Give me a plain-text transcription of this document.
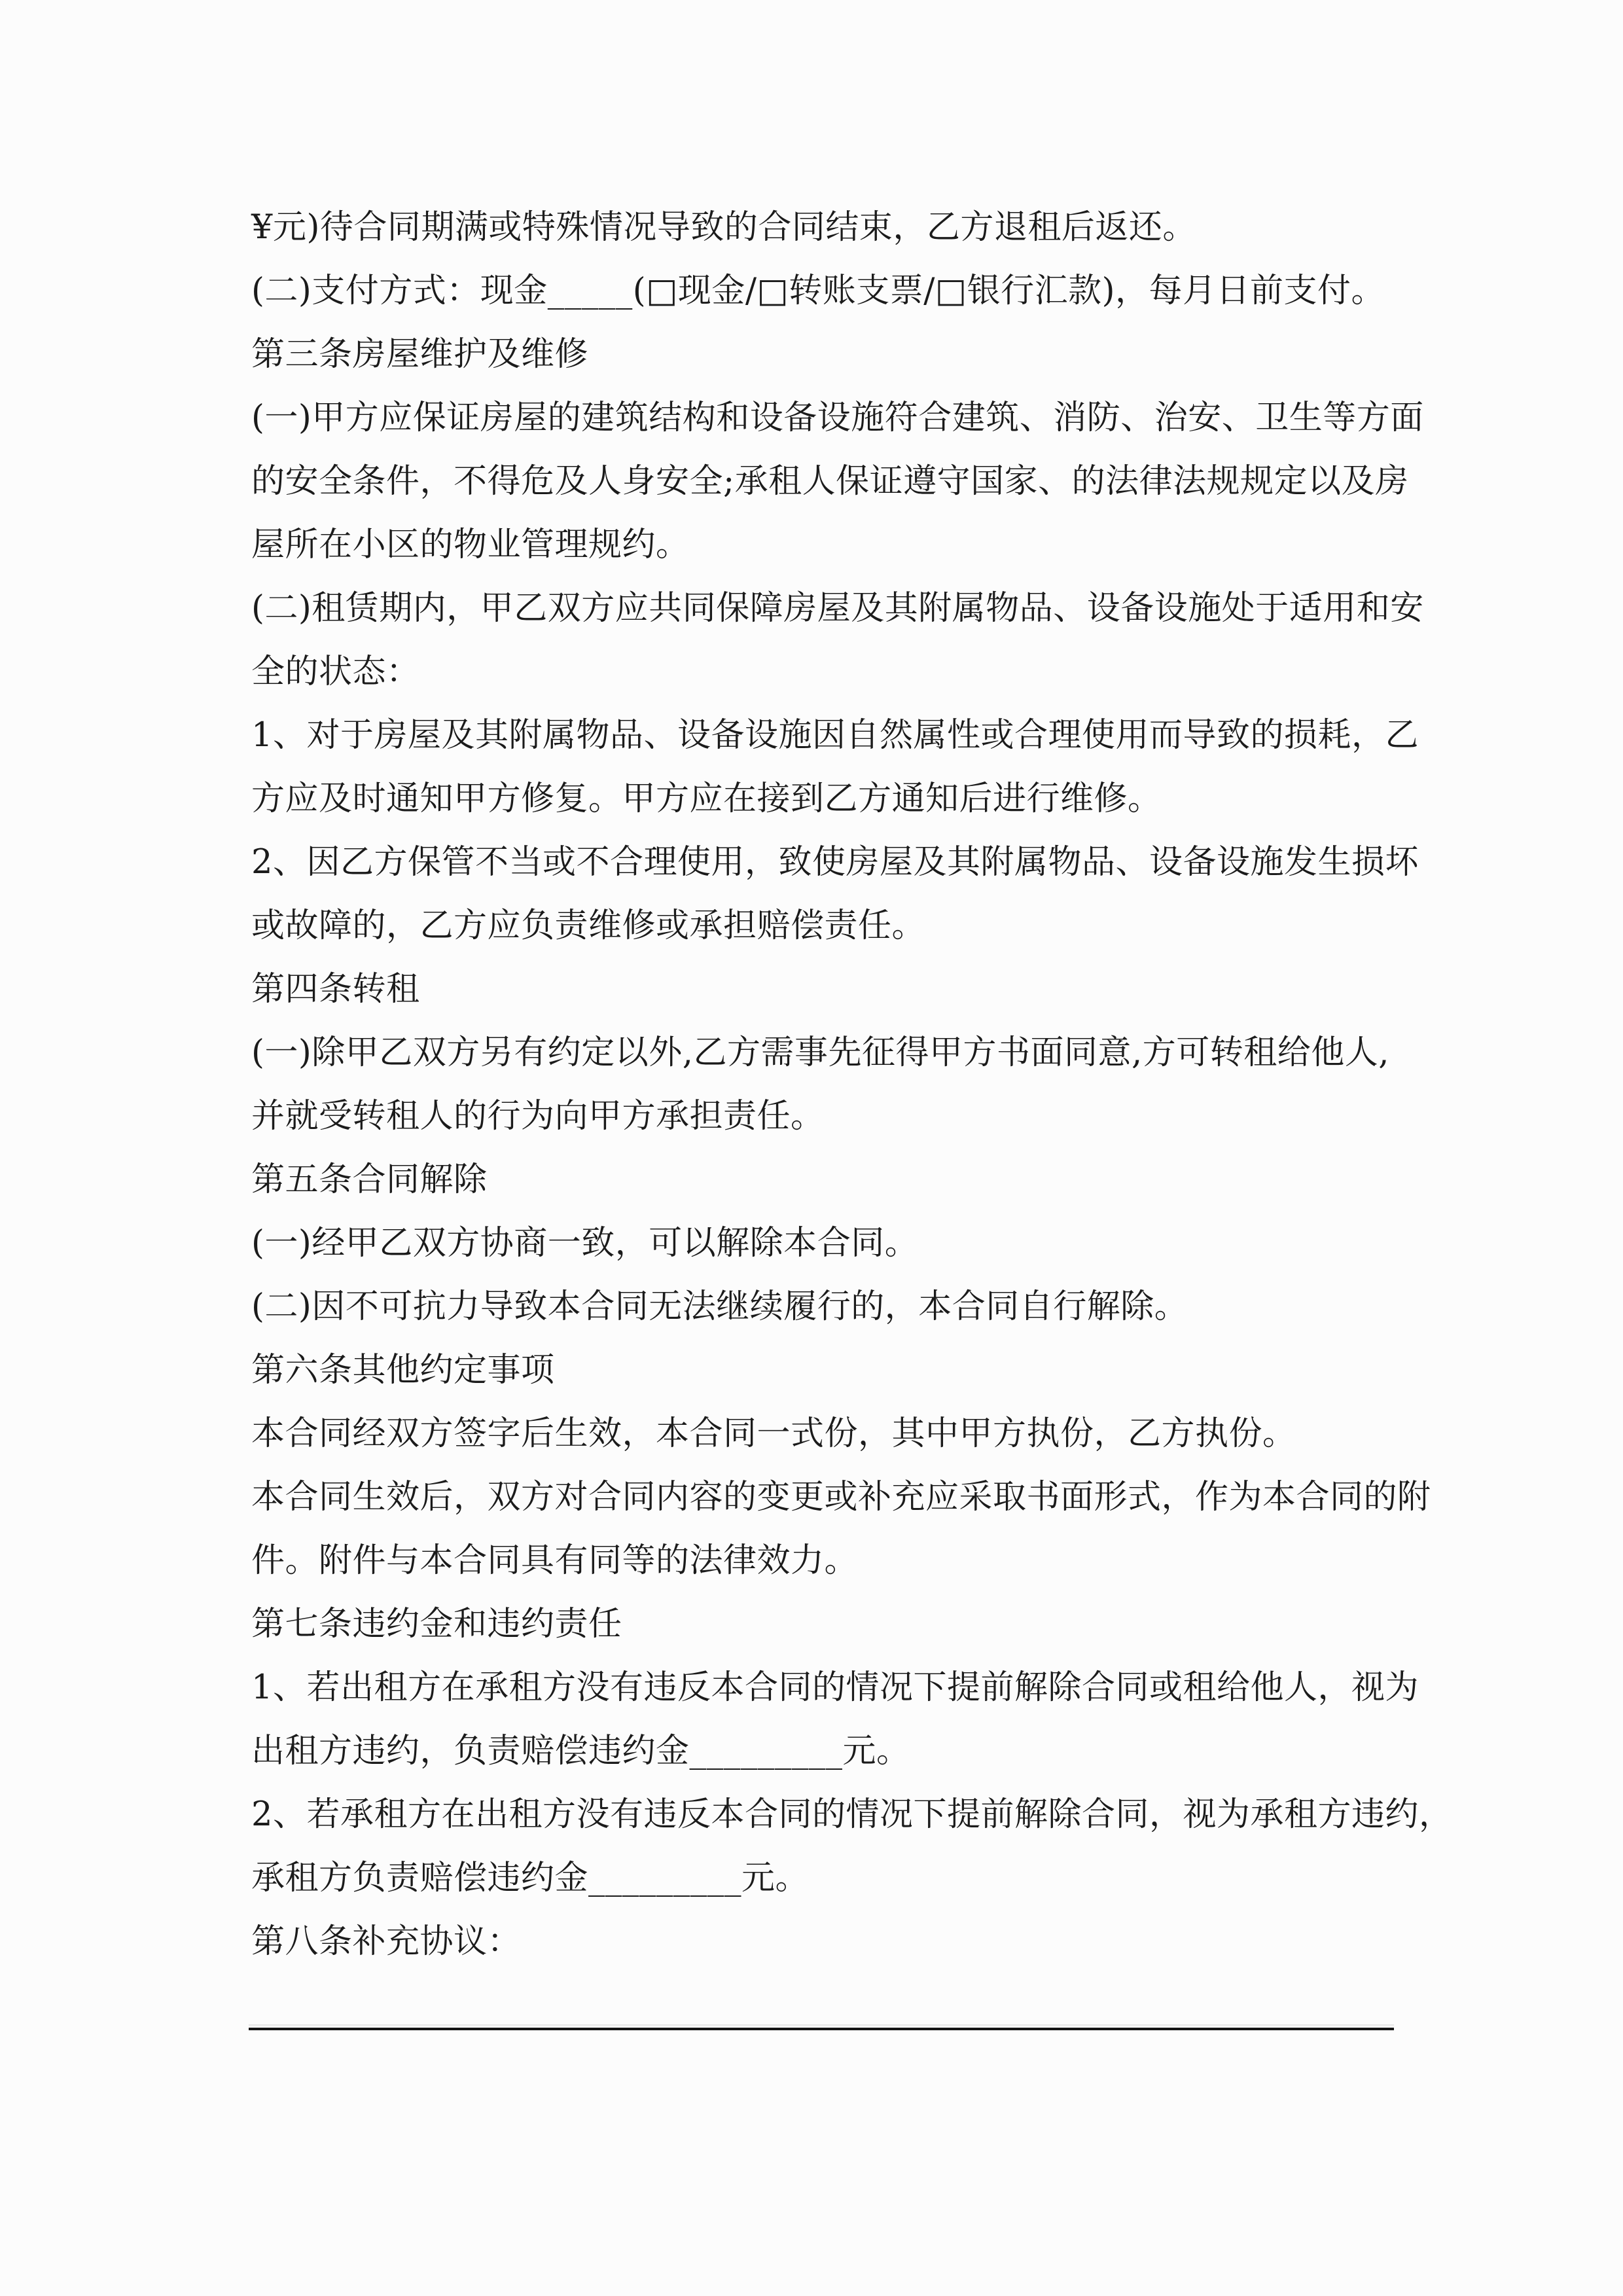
¥元)待合同期满或特殊情况导致的合同结束，乙方退租后返还。

(二)支付方式：现金_____(□现金/□转账支票/□银行汇款)，每月日前支付。

第三条房屋维护及维修

(一)甲方应保证房屋的建筑结构和设备设施符合建筑、消防、治安、卫生等方面

的安全条件，不得危及人身安全;承租人保证遵守国家、的法律法规规定以及房

屋所在小区的物业管理规约。

(二)租赁期内，甲乙双方应共同保障房屋及其附属物品、设备设施处于适用和安

全的状态：

1、对于房屋及其附属物品、设备设施因自然属性或合理使用而导致的损耗，乙

方应及时通知甲方修复。甲方应在接到乙方通知后进行维修。

2、因乙方保管不当或不合理使用，致使房屋及其附属物品、设备设施发生损坏

或故障的，乙方应负责维修或承担赔偿责任。

第四条转租

(一)除甲乙双方另有约定以外,乙方需事先征得甲方书面同意,方可转租给他人,

并就受转租人的行为向甲方承担责任。

第五条合同解除

(一)经甲乙双方协商一致，可以解除本合同。

(二)因不可抗力导致本合同无法继续履行的，本合同自行解除。

第六条其他约定事项

本合同经双方签字后生效，本合同一式份，其中甲方执份，乙方执份。

本合同生效后，双方对合同内容的变更或补充应采取书面形式，作为本合同的附

件。附件与本合同具有同等的法律效力。

第七条违约金和违约责任

1、若出租方在承租方没有违反本合同的情况下提前解除合同或租给他人，视为

出租方违约，负责赔偿违约金_________元。

2、若承租方在出租方没有违反本合同的情况下提前解除合同，视为承租方违约，

承租方负责赔偿违约金_________元。

第八条补充协议：
